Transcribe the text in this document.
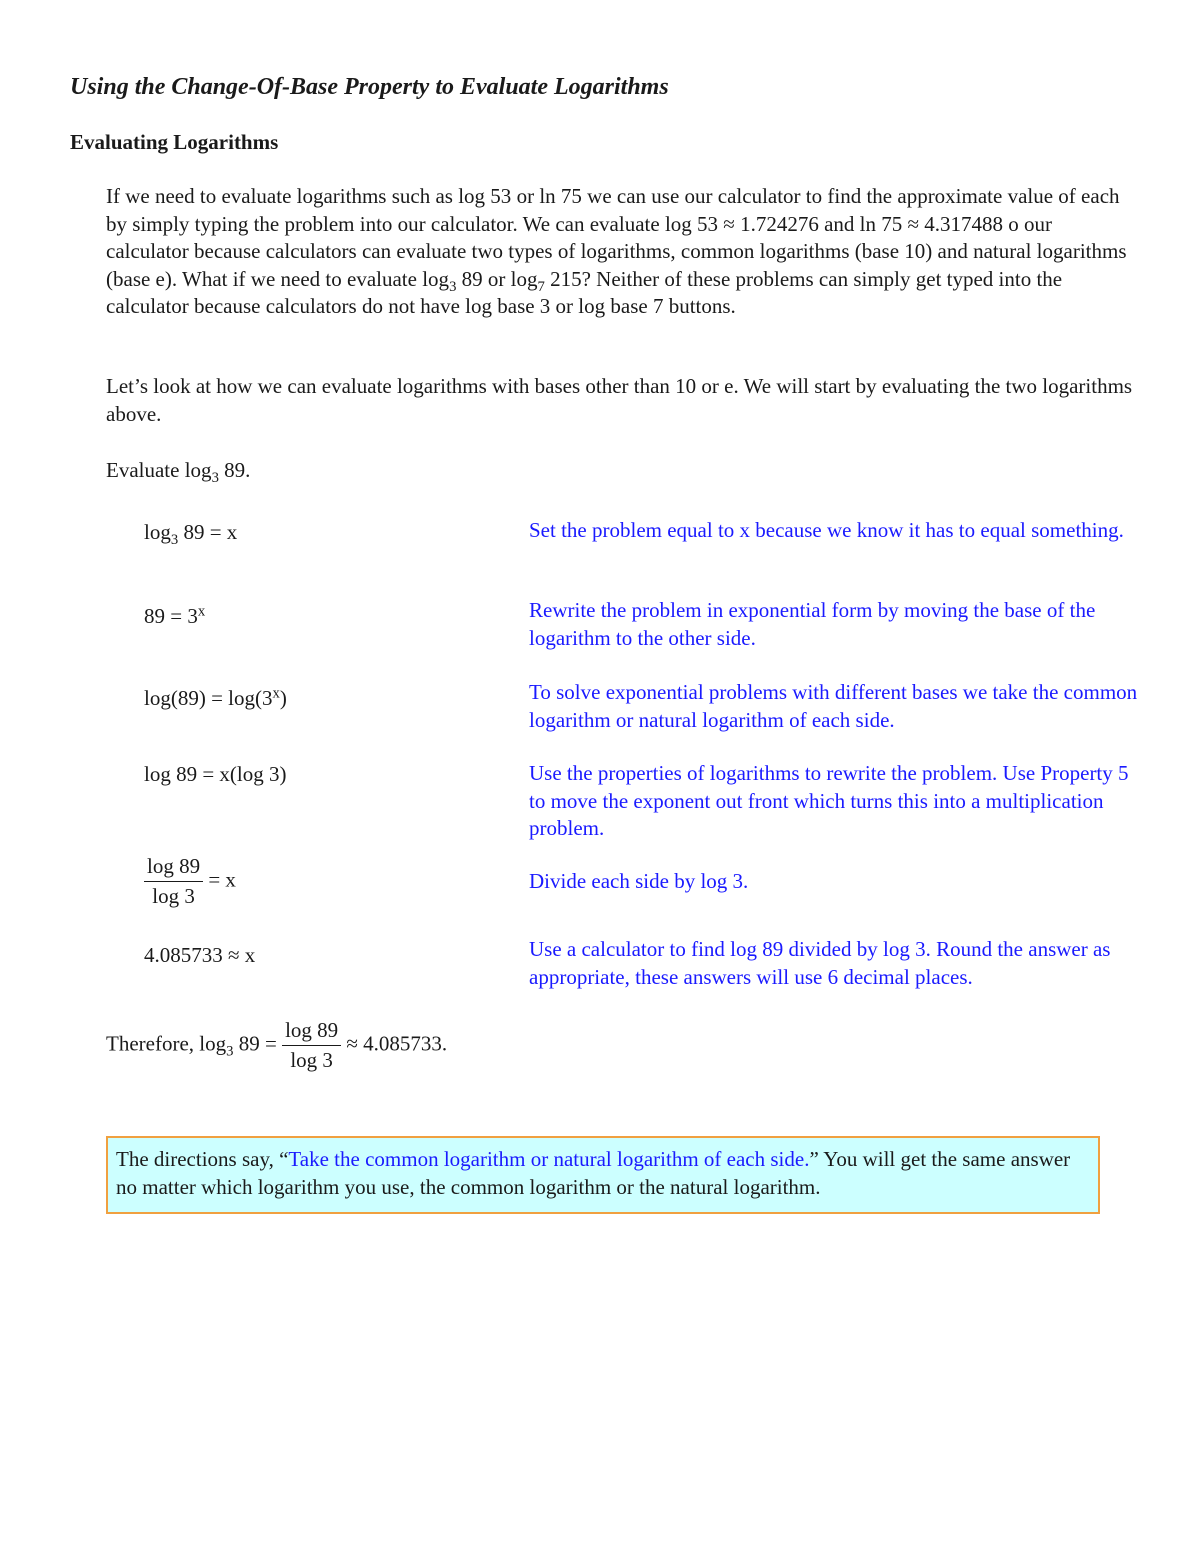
Using the Change-Of-Base Property to Evaluate Logarithms
Evaluating Logarithms

If we need to evaluate logarithms such as log 53 or ln 75 we can use our calculator to find the approximate value of each by simply typing the problem into our calculator. We can evaluate log 53 ≈ 1.724276 and ln 75 ≈ 4.317488 o our calculator because calculators can evaluate two types of logarithms, common logarithms (base 10) and natural logarithms (base e). What if we need to evaluate $\log_3 89$ or $\log_7 215$? Neither of these problems can simply get typed into the calculator because calculators do not have log base 3 or log base 7 buttons.

Let’s look at how we can evaluate logarithms with bases other than 10 or e. We will start by evaluating the two logarithms above.

Evaluate $\log_3 89$.

$\log_3 89 = x$	Set the problem equal to x because we know it has to equal something.

$89 = 3^x$	Rewrite the problem in exponential form by moving the base of the logarithm to the other side.

$\log(89) = \log(3^x)$	To solve exponential problems with different bases we take the common logarithm or natural logarithm of each side.

log 89 = x(log 3)	Use the properties of logarithms to rewrite the problem. Use Property 5 to move the exponent out front which turns this into a multiplication problem.

$\frac{\log 89}{\log 3} = x$	Divide each side by log 3.

4.085733 ≈ x	Use a calculator to find log 89 divided by log 3. Round the answer as appropriate, these answers will use 6 decimal places.

Therefore, $\log_3 89 = \frac{\log 89}{\log 3} \approx 4.085733$.
The directions say, “Take the common logarithm or natural logarithm of each side.” You will get the same answer no matter which logarithm you use, the common logarithm or the natural logarithm.
